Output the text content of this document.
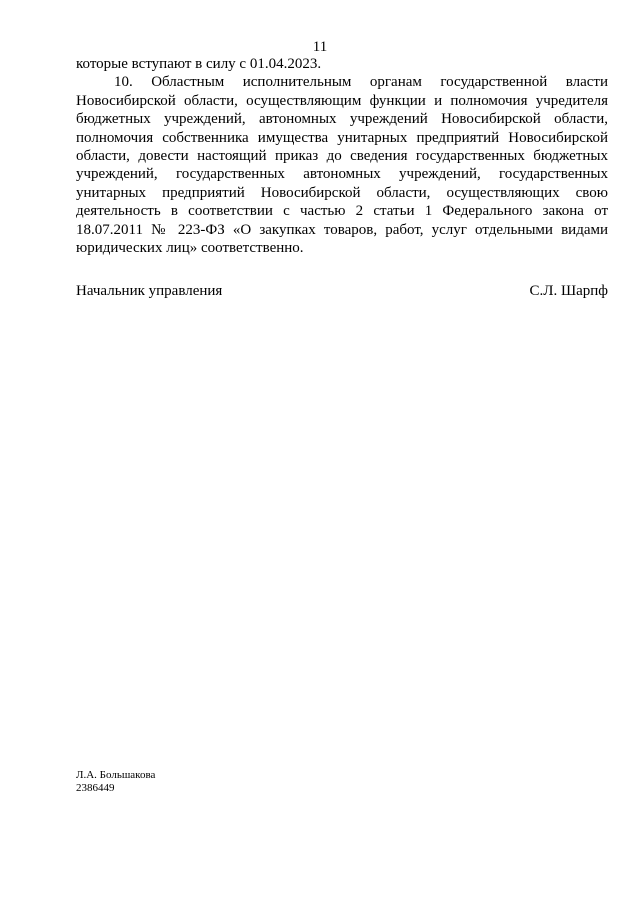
11

которые вступают в силу с 01.04.2023.

10. Областным исполнительным органам государственной власти Новосибирской области, осуществляющим функции и полномочия учредителя бюджетных учреждений, автономных учреждений Новосибирской области, полномочия собственника имущества унитарных предприятий Новосибирской области, довести настоящий приказ до сведения государственных бюджетных учреждений, государственных автономных учреждений, государственных унитарных предприятий Новосибирской области, осуществляющих свою деятельность в соответствии с частью 2 статьи 1 Федерального закона от 18.07.2011 № 223-ФЗ «О закупках товаров, работ, услуг отдельными видами юридических лиц» соответственно.

Начальник управления	С.Л. Шарпф
Л.А. Большакова
2386449
